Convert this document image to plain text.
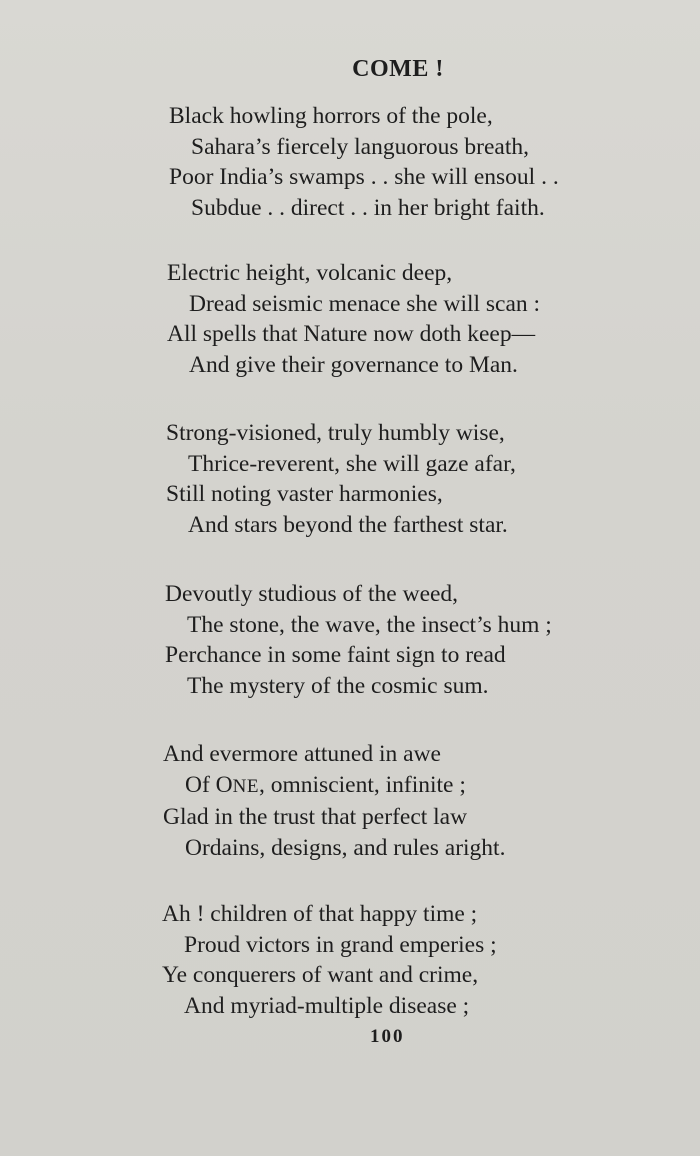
COME !
Black howling horrors of the pole,
Sahara’s fiercely languorous breath,
Poor India’s swamps . . she will ensoul . .
Subdue . . direct . . in her bright faith.
Electric height, volcanic deep,
Dread seismic menace she will scan :
All spells that Nature now doth keep—
And give their governance to Man.
Strong-visioned, truly humbly wise,
Thrice-reverent, she will gaze afar,
Still noting vaster harmonies,
And stars beyond the farthest star.
Devoutly studious of the weed,
The stone, the wave, the insect’s hum ;
Perchance in some faint sign to read
The mystery of the cosmic sum.
And evermore attuned in awe
Of ONE, omniscient, infinite ;
Glad in the trust that perfect law
Ordains, designs, and rules aright.
Ah ! children of that happy time ;
Proud victors in grand emperies ;
Ye conquerers of want and crime,
And myriad-multiple disease ;
100
